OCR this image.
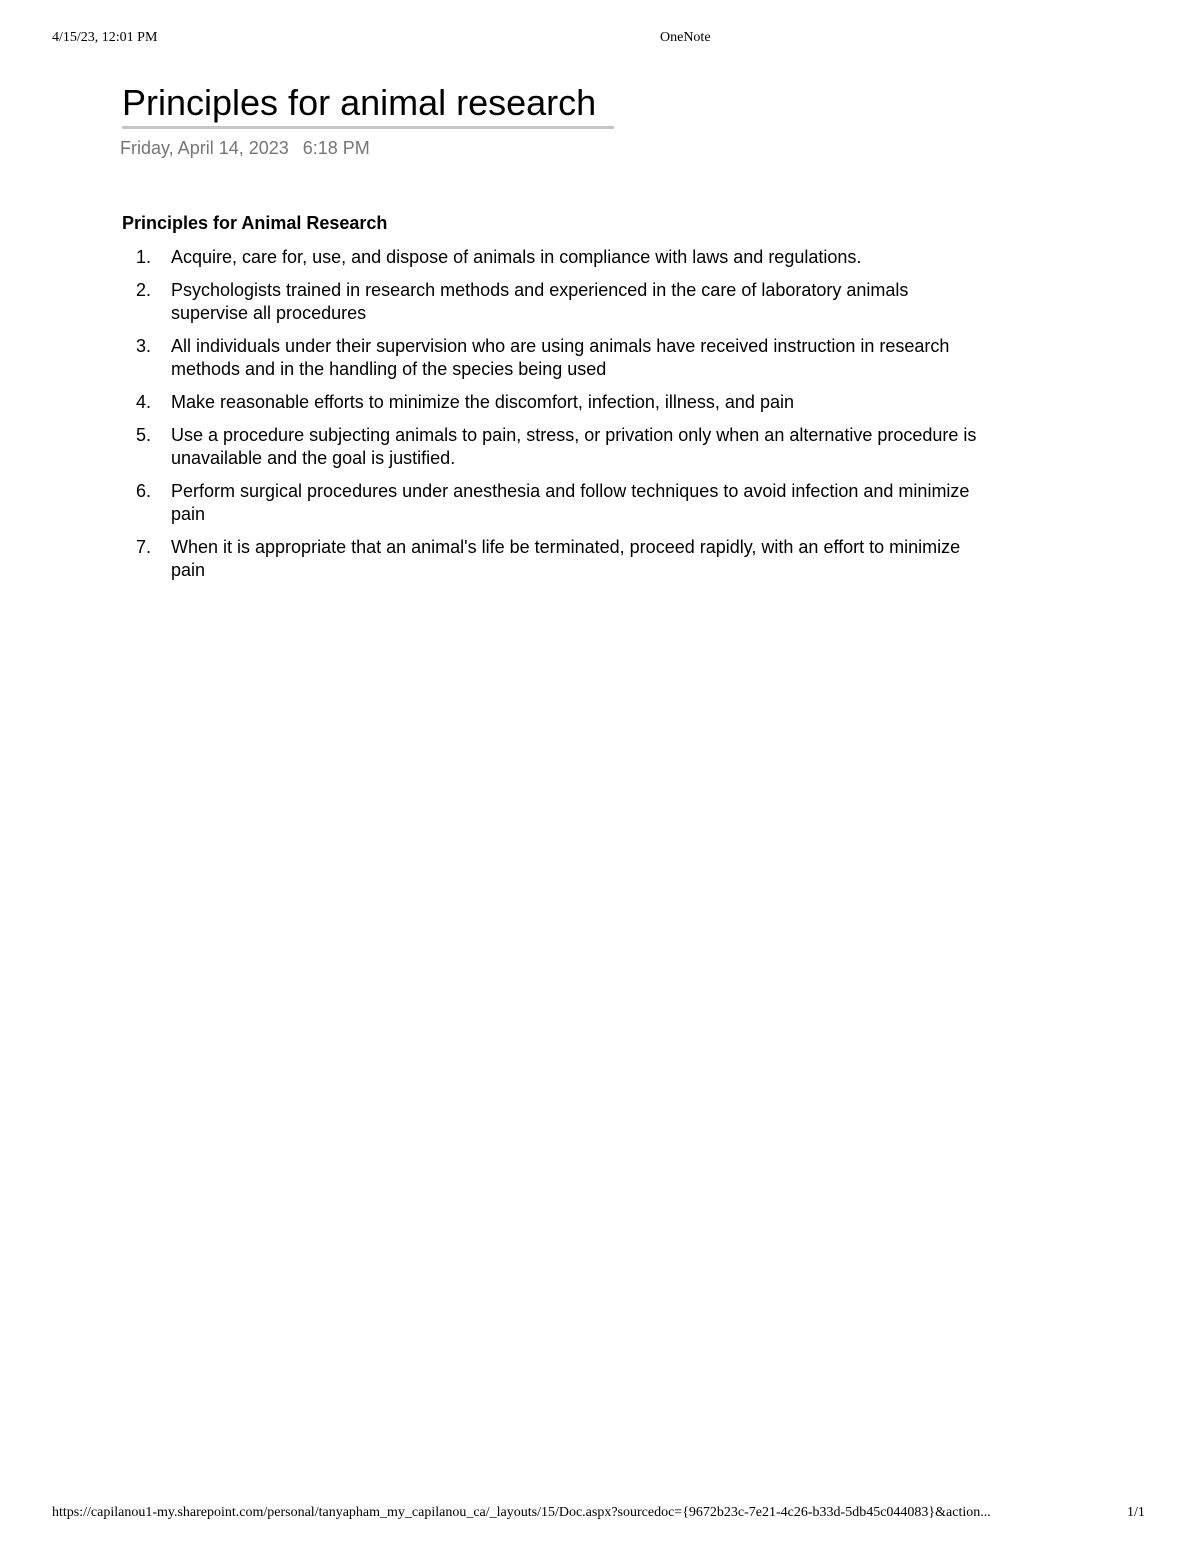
4/15/23, 12:01 PM	OneNote
Principles for animal research
Friday, April 14, 2023 6:18 PM
Principles for Animal Research
1. Acquire, care for, use, and dispose of animals in compliance with laws and regulations.
2. Psychologists trained in research methods and experienced in the care of laboratory animals supervise all procedures
3. All individuals under their supervision who are using animals have received instruction in research methods and in the handling of the species being used
4. Make reasonable efforts to minimize the discomfort, infection, illness, and pain
5. Use a procedure subjecting animals to pain, stress, or privation only when an alternative procedure is unavailable and the goal is justified.
6. Perform surgical procedures under anesthesia and follow techniques to avoid infection and minimize pain
7. When it is appropriate that an animal's life be terminated, proceed rapidly, with an effort to minimize pain
https://capilanou1-my.sharepoint.com/personal/tanyapham_my_capilanou_ca/_layouts/15/Doc.aspx?sourcedoc={9672b23c-7e21-4c26-b33d-5db45c044083}&action...	1/1
